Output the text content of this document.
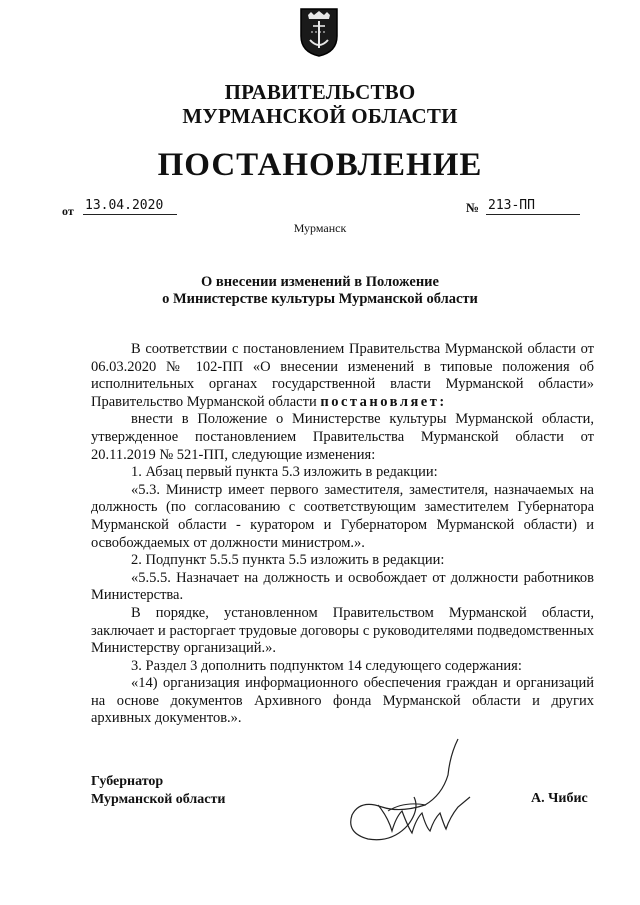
ПРАВИТЕЛЬСТВО
МУРМАНСКОЙ ОБЛАСТИ
ПОСТАНОВЛЕНИЕ
от 13.04.2020	№ 213-ПП
Мурманск
О внесении изменений в Положение
о Министерстве культуры Мурманской области

В соответствии с постановлением Правительства Мурманской области от 06.03.2020 № 102-ПП «О внесении изменений в типовые положения об исполнительных органах государственной власти Мурманской области» Правительство Мурманской области постановляет:

внести в Положение о Министерстве культуры Мурманской области, утвержденное постановлением Правительства Мурманской области от 20.11.2019 № 521-ПП, следующие изменения:

1. Абзац первый пункта 5.3 изложить в редакции:

«5.3. Министр имеет первого заместителя, заместителя, назначаемых на должность (по согласованию с соответствующим заместителем Губернатора Мурманской области - куратором и Губернатором Мурманской области) и освобождаемых от должности министром.».

2. Подпункт 5.5.5 пункта 5.5 изложить в редакции:

«5.5.5. Назначает на должность и освобождает от должности работников Министерства.

В порядке, установленном Правительством Мурманской области, заключает и расторгает трудовые договоры с руководителями подведомственных Министерству организаций.».

3. Раздел 3 дополнить подпунктом 14 следующего содержания:

«14) организация информационного обеспечения граждан и организаций на основе документов Архивного фонда Мурманской области и других архивных документов.».

Губернатор
Мурманской области	А. Чибис
